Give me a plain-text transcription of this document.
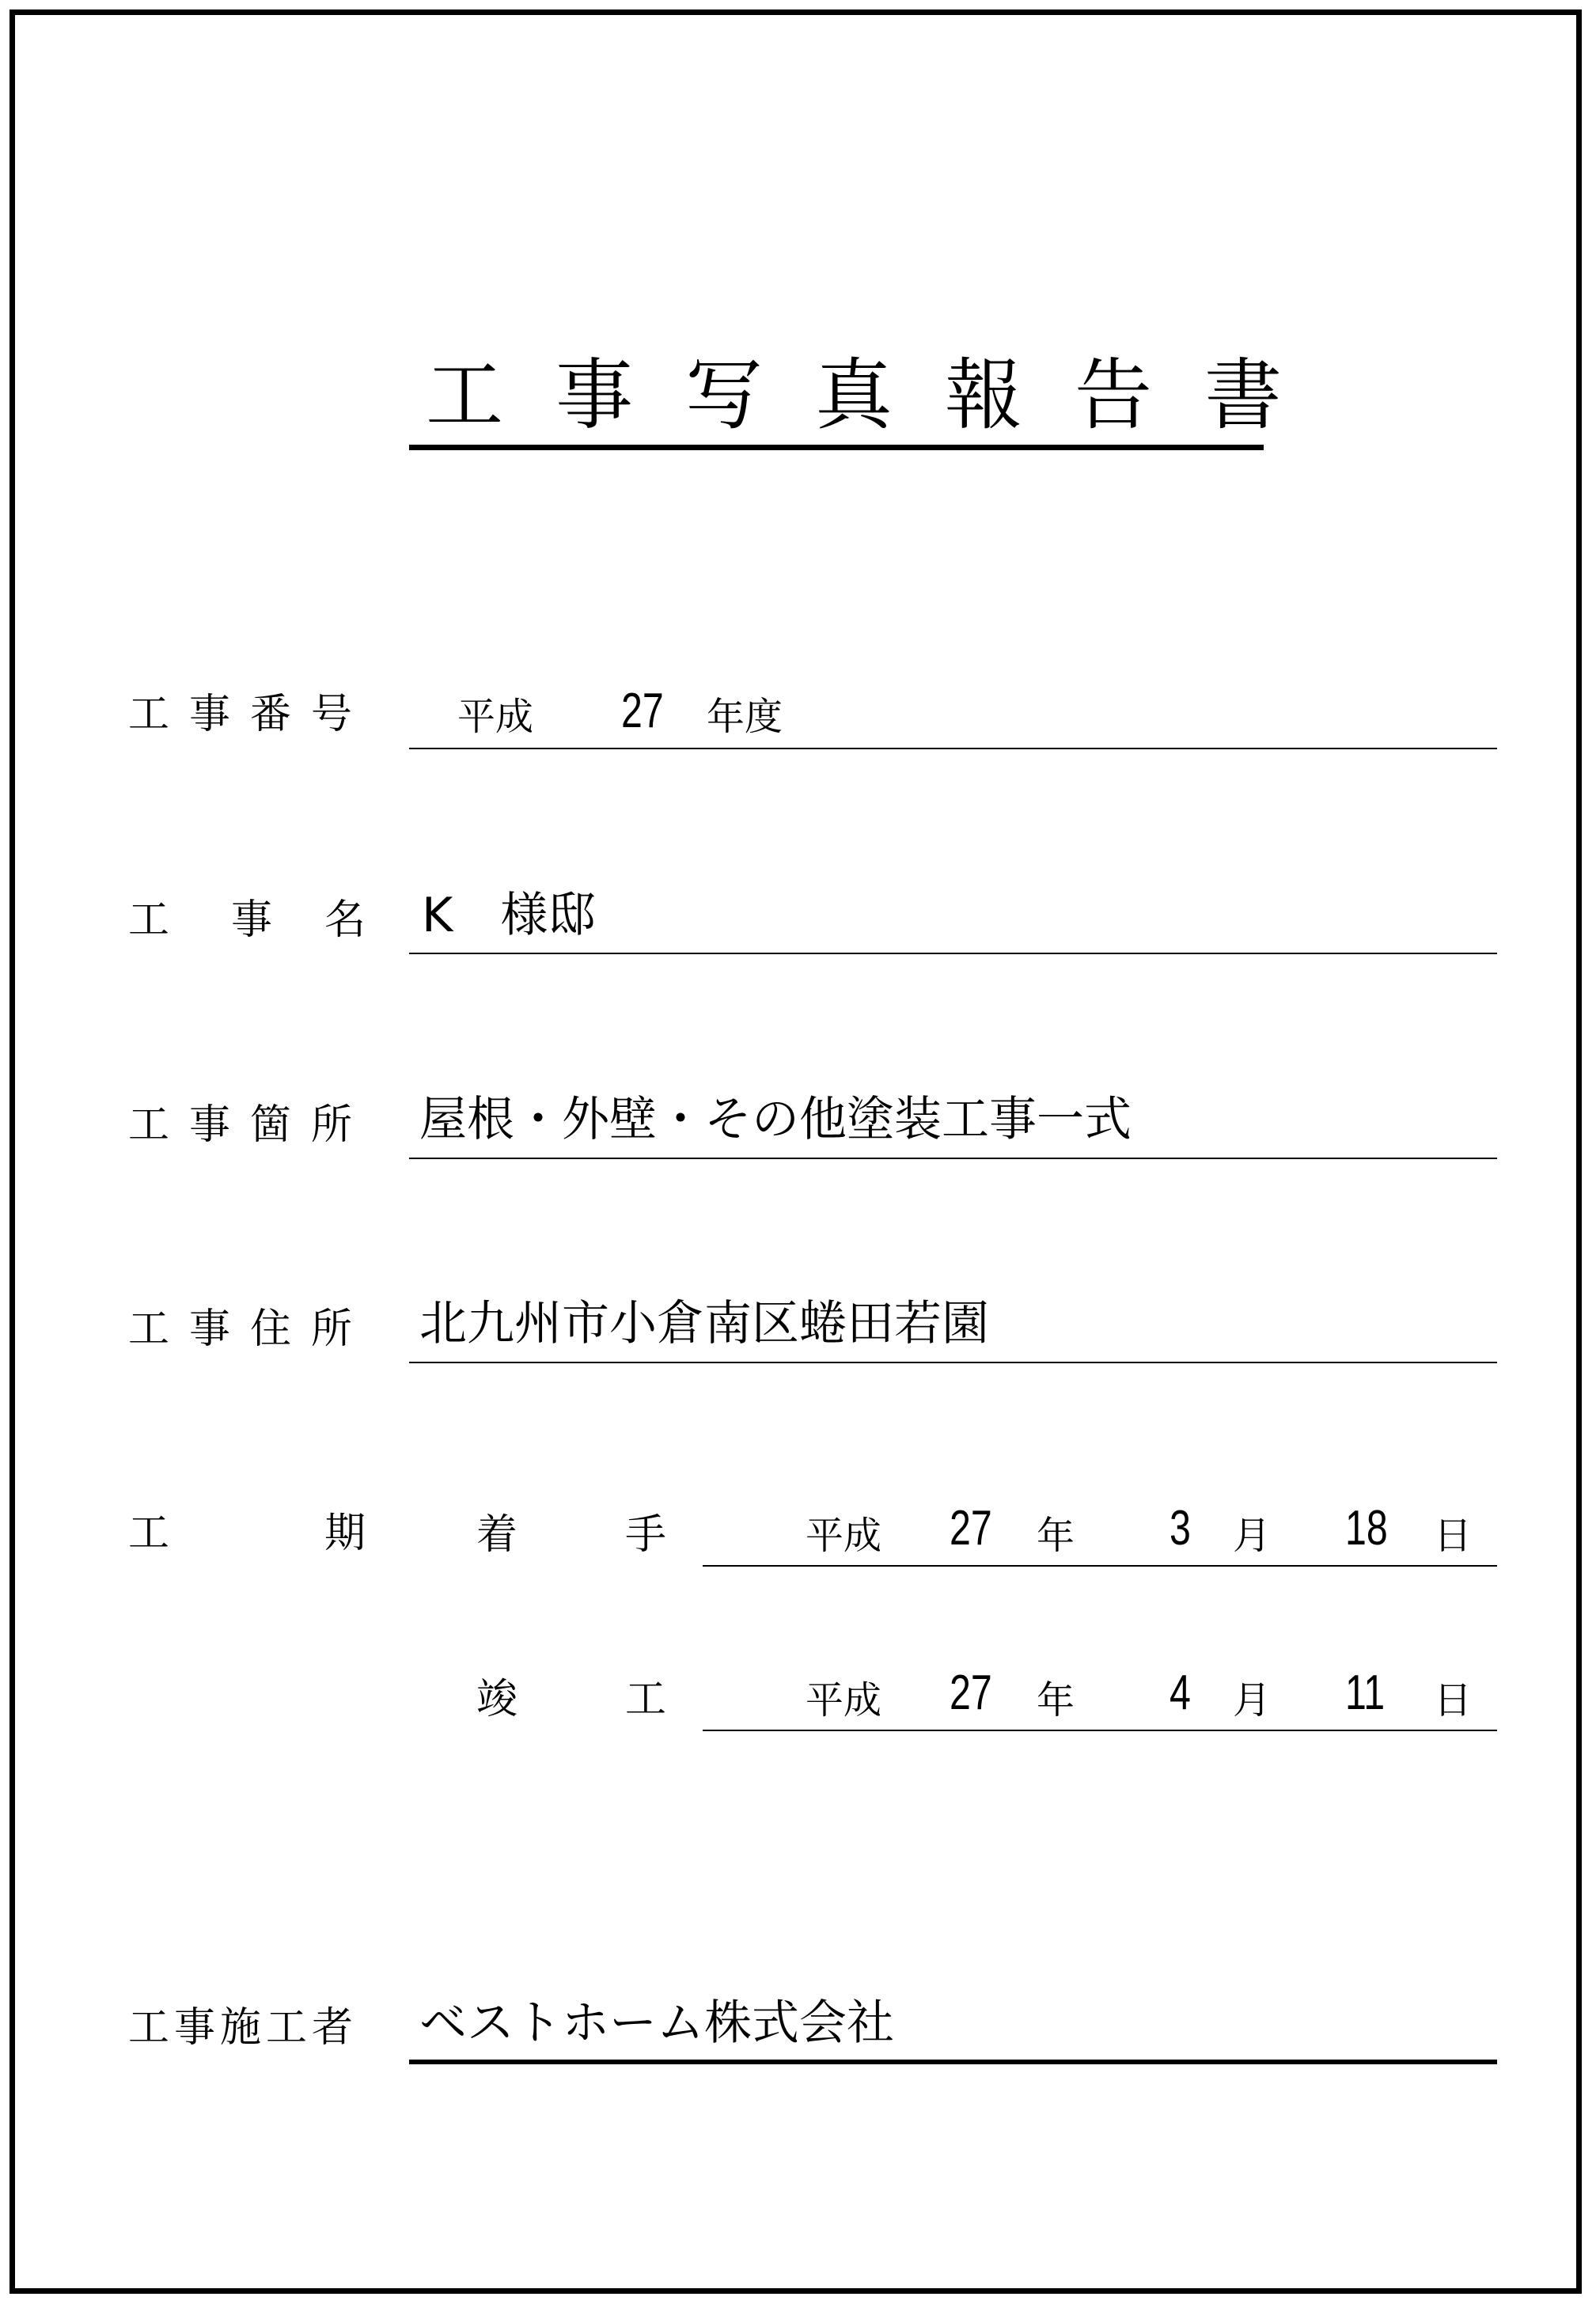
工事写真報告書
工事番号 平成 27 年度
工 事 名 K　様邸
工事箇所 屋根・外壁・その他塗装工事一式
工事住所 北九州市小倉南区蜷田若園
工	期	着	手	平成 27 年 3 月 18 日
竣	工	平成 27 年 4 月 11 日
工事施工者 ベストホーム株式会社
